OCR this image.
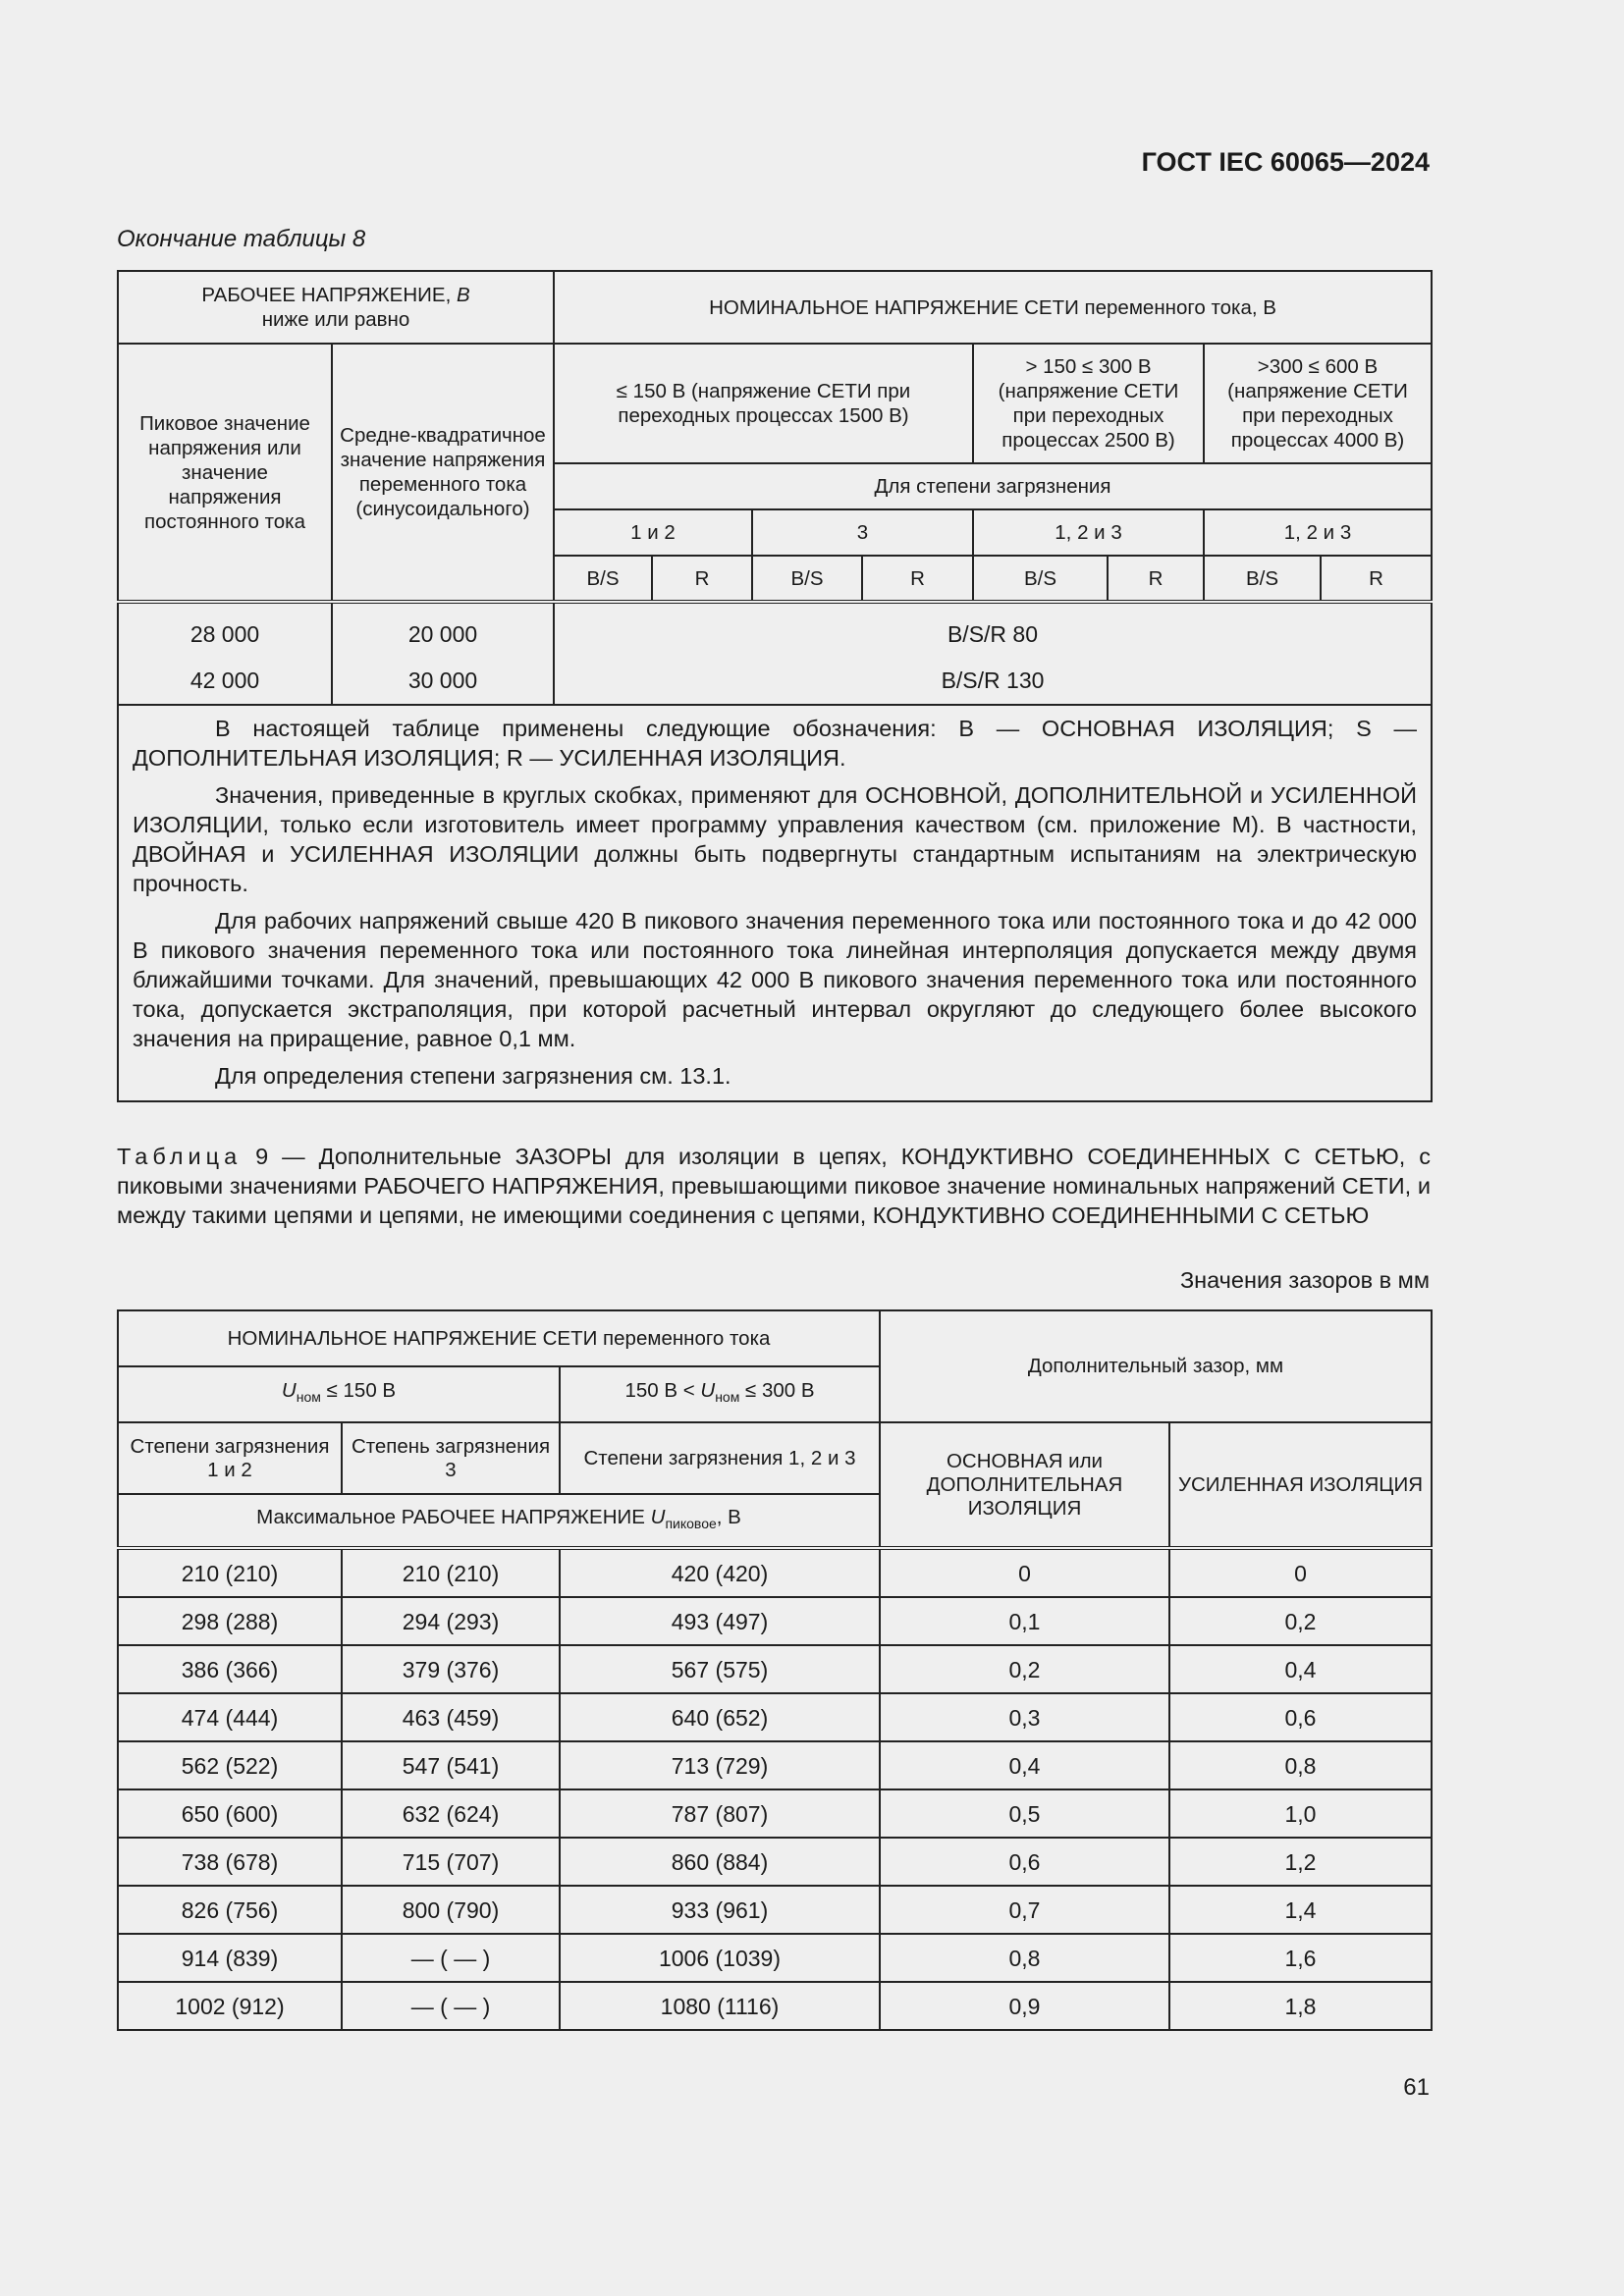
ГОСТ IEC 60065—2024
Окончание таблицы 8
РАБОЧЕЕ НАПРЯЖЕНИЕ, В
ниже или равно		НОМИНАЛЬНОЕ НАПРЯЖЕНИЕ СЕТИ переменного тока, В							
Пиковое значение напряжения или значение напряжения постоянного тока	Средне-квадратичное значение напряжения переменного тока (синусоидального)	≤ 150 В (напряжение СЕТИ при переходных процессах 1500 В)				> 150 ≤ 300 В (напряжение СЕТИ при переходных процессах 2500 В)		>300 ≤ 600 В (напряжение СЕТИ при переходных процессах 4000 В)	
		Для степени загрязнения							
		1 и 2		3		1, 2 и 3		1, 2 и 3	
		B/S	R	B/S	R	B/S	R	B/S	R
28 000	20 000	B/S/R 80							
42 000	30 000	B/S/R 130							

В настоящей таблице применены следующие обозначения: B — ОСНОВНАЯ ИЗОЛЯЦИЯ; S — ДОПОЛНИТЕЛЬНАЯ ИЗОЛЯЦИЯ; R — УСИЛЕННАЯ ИЗОЛЯЦИЯ.

Значения, приведенные в круглых скобках, применяют для ОСНОВНОЙ, ДОПОЛНИТЕЛЬНОЙ и УСИЛЕННОЙ ИЗОЛЯЦИИ, только если изготовитель имеет программу управления качеством (см. приложение M). В частности, ДВОЙНАЯ и УСИЛЕННАЯ ИЗОЛЯЦИИ должны быть подвергнуты стандартным испытаниям на электрическую прочность.

Для рабочих напряжений свыше 420 В пикового значения переменного тока или постоянного тока и до 42 000 В пикового значения переменного тока или постоянного тока линейная интерполяция допускается между двумя ближайшими точками. Для значений, превышающих 42 000 В пикового значения переменного тока или постоянного тока, допускается экстраполяция, при которой расчетный интервал округляют до следующего более высокого значения на приращение, равное 0,1 мм.

Для определения степени загрязнения см. 13.1.									

Таблица 9 — Дополнительные ЗАЗОРЫ для изоляции в цепях, КОНДУКТИВНО СОЕДИНЕННЫХ С СЕТЬЮ, с пиковыми значениями РАБОЧЕГО НАПРЯЖЕНИЯ, превышающими пиковое значение номинальных напряжений СЕТИ, и между такими цепями и цепями, не имеющими соединения с цепями, КОНДУКТИВНО СОЕДИНЕННЫМИ С СЕТЬЮ
Значения зазоров в мм
НОМИНАЛЬНОЕ НАПРЯЖЕНИЕ СЕТИ переменного тока			Дополнительный зазор, мм	
$U_{ном} \le 150$ В		150 $В < U_{ном} \le 300$ В		
Степени загрязнения 1 и 2	Степень загрязнения 3	Степени загрязнения 1, 2 и 3	ОСНОВНАЯ или ДОПОЛНИТЕЛЬНАЯ ИЗОЛЯЦИЯ	УСИЛЕННАЯ ИЗОЛЯЦИЯ
Максимальное РАБОЧЕЕ НАПРЯЖЕНИЕ $U_{пиковое}$, В				
210 (210)	210 (210)	420 (420)	0	0
298 (288)	294 (293)	493 (497)	0,1	0,2
386 (366)	379 (376)	567 (575)	0,2	0,4
474 (444)	463 (459)	640 (652)	0,3	0,6
562 (522)	547 (541)	713 (729)	0,4	0,8
650 (600)	632 (624)	787 (807)	0,5	1,0
738 (678)	715 (707)	860 (884)	0,6	1,2
826 (756)	800 (790)	933 (961)	0,7	1,4
914 (839)	— ( — )	1006 (1039)	0,8	1,6
1002 (912)	— ( — )	1080 (1116)	0,9	1,8
61
